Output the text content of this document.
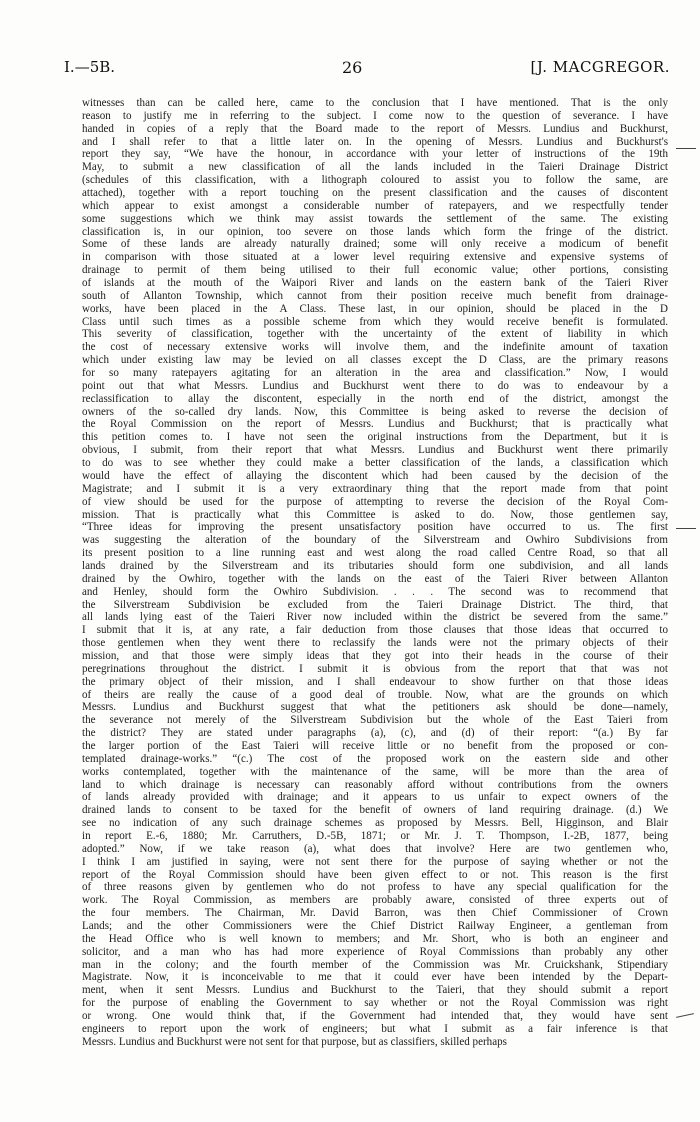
I.—5B.	26	[J. MACGREGOR.
witnesses than can be called here, came to the conclusion that I have mentioned. That is the only
reason to justify me in referring to the subject. I come now to the question of severance. I have
handed in copies of a reply that the Board made to the report of Messrs. Lundius and Buckhurst,
and I shall refer to that a little later on. In the opening of Messrs. Lundius and Buckhurst's
report they say, “We have the honour, in accordance with your letter of instructions of the 19th
May, to submit a new classification of all the lands included in the Taieri Drainage District
(schedules of this classification, with a lithograph coloured to assist you to follow the same, are
attached), together with a report touching on the present classification and the causes of discontent
which appear to exist amongst a considerable number of ratepayers, and we respectfully tender
some suggestions which we think may assist towards the settlement of the same. The existing
classification is, in our opinion, too severe on those lands which form the fringe of the district.
Some of these lands are already naturally drained; some will only receive a modicum of benefit
in comparison with those situated at a lower level requiring extensive and expensive systems of
drainage to permit of them being utilised to their full economic value; other portions, consisting
of islands at the mouth of the Waipori River and lands on the eastern bank of the Taieri River
south of Allanton Township, which cannot from their position receive much benefit from drainage-
works, have been placed in the A Class. These last, in our opinion, should be placed in the D
Class until such times as a possible scheme from which they would receive benefit is formulated.
This severity of classification, together with the uncertainty of the extent of liability in which
the cost of necessary extensive works will involve them, and the indefinite amount of taxation
which under existing law may be levied on all classes except the D Class, are the primary reasons
for so many ratepayers agitating for an alteration in the area and classification.” Now, I would
point out that what Messrs. Lundius and Buckhurst went there to do was to endeavour by a
reclassification to allay the discontent, especially in the north end of the district, amongst the
owners of the so-called dry lands. Now, this Committee is being asked to reverse the decision of
the Royal Commission on the report of Messrs. Lundius and Buckhurst; that is practically what
this petition comes to. I have not seen the original instructions from the Department, but it is
obvious, I submit, from their report that what Messrs. Lundius and Buckhurst went there primarily
to do was to see whether they could make a better classification of the lands, a classification which
would have the effect of allaying the discontent which had been caused by the decision of the
Magistrate; and I submit it is a very extraordinary thing that the report made from that point
of view should be used for the purpose of attempting to reverse the decision of the Royal Com-
mission. That is practically what this Committee is asked to do. Now, those gentlemen say,
“Three ideas for improving the present unsatisfactory position have occurred to us. The first
was suggesting the alteration of the boundary of the Silverstream and Owhiro Subdivisions from
its present position to a line running east and west along the road called Centre Road, so that all
lands drained by the Silverstream and its tributaries should form one subdivision, and all lands
drained by the Owhiro, together with the lands on the east of the Taieri River between Allanton
and Henley, should form the Owhiro Subdivision. . . . The second was to recommend that
the Silverstream Subdivision be excluded from the Taieri Drainage District. The third, that
all lands lying east of the Taieri River now included within the district be severed from the same.”
I submit that it is, at any rate, a fair deduction from those clauses that those ideas that occurred to
those gentlemen when they went there to reclassify the lands were not the primary objects of their
mission, and that those were simply ideas that they got into their heads in the course of their
peregrinations throughout the district. I submit it is obvious from the report that that was not
the primary object of their mission, and I shall endeavour to show further on that those ideas
of theirs are really the cause of a good deal of trouble. Now, what are the grounds on which
Messrs. Lundius and Buckhurst suggest that what the petitioners ask should be done—namely,
the severance not merely of the Silverstream Subdivision but the whole of the East Taieri from
the district? They are stated under paragraphs (a), (c), and (d) of their report: “(a.) By far
the larger portion of the East Taieri will receive little or no benefit from the proposed or con-
templated drainage-works.” “(c.) The cost of the proposed work on the eastern side and other
works contemplated, together with the maintenance of the same, will be more than the area of
land to which drainage is necessary can reasonably afford without contributions from the owners
of lands already provided with drainage; and it appears to us unfair to expect owners of the
drained lands to consent to be taxed for the benefit of owners of land requiring drainage. (d.) We
see no indication of any such drainage schemes as proposed by Messrs. Bell, Higginson, and Blair
in report E.-6, 1880; Mr. Carruthers, D.-5B, 1871; or Mr. J. T. Thompson, I.-2B, 1877, being
adopted.” Now, if we take reason (a), what does that involve? Here are two gentlemen who,
I think I am justified in saying, were not sent there for the purpose of saying whether or not the
report of the Royal Commission should have been given effect to or not. This reason is the first
of three reasons given by gentlemen who do not profess to have any special qualification for the
work. The Royal Commission, as members are probably aware, consisted of three experts out of
the four members. The Chairman, Mr. David Barron, was then Chief Commissioner of Crown
Lands; and the other Commissioners were the Chief District Railway Engineer, a gentleman from
the Head Office who is well known to members; and Mr. Short, who is both an engineer and
solicitor, and a man who has had more experience of Royal Commissions than probably any other
man in the colony; and the fourth member of the Commission was Mr. Cruickshank, Stipendiary
Magistrate. Now, it is inconceivable to me that it could ever have been intended by the Depart-
ment, when it sent Messrs. Lundius and Buckhurst to the Taieri, that they should submit a report
for the purpose of enabling the Government to say whether or not the Royal Commission was right
or wrong. One would think that, if the Government had intended that, they would have sent
engineers to report upon the work of engineers; but what I submit as a fair inference is that
Messrs. Lundius and Buckhurst were not sent for that purpose, but as classifiers, skilled perhaps
